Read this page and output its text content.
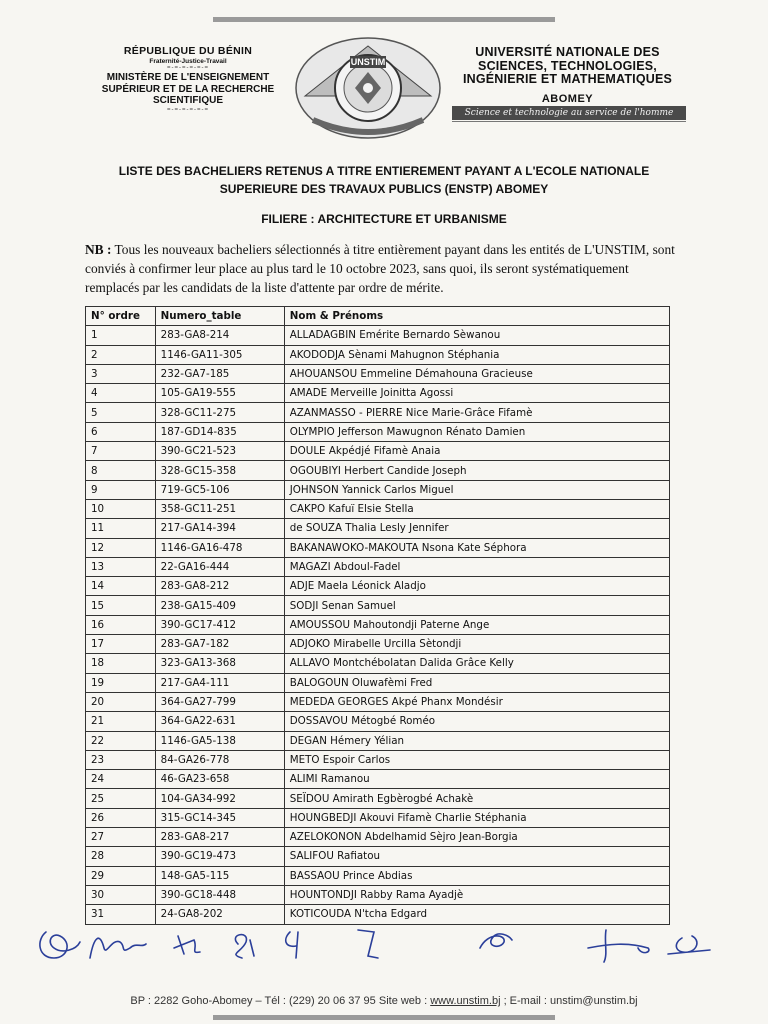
RÉPUBLIQUE DU BÉNIN
Fraternité-Justice-Travail
=-=-=-=-=-=
MINISTÈRE DE L'ENSEIGNEMENT
SUPÉRIEUR ET DE LA RECHERCHE
SCIENTIFIQUE
=-=-=-=-=-=
UNSTIM
UNIVERSITÉ NATIONALE DES
SCIENCES, TECHNOLOGIES,
INGÉNIERIE ET MATHEMATIQUES
ABOMEY
Science et technologie au service de l'homme
LISTE DES BACHELIERS RETENUS A TITRE ENTIEREMENT PAYANT A L'ECOLE NATIONALE
SUPERIEURE DES TRAVAUX PUBLICS (ENSTP) ABOMEY
FILIERE : ARCHITECTURE ET URBANISME
NB : Tous les nouveaux bacheliers sélectionnés à titre entièrement payant dans les entités de L'UNSTIM, sont conviés à confirmer leur place au plus tard le 10 octobre 2023, sans quoi, ils seront systématiquement remplacés par les candidats de la liste d'attente par ordre de mérite.
N° ordre	Numero_table	Nom & Prénoms
1	283-GA8-214	ALLADAGBIN Emérite Bernardo Sèwanou
2	1146-GA11-305	AKODODJA Sènami Mahugnon Stéphania
3	232-GA7-185	AHOUANSOU Emmeline Démahouna Gracieuse
4	105-GA19-555	AMADE Merveille Joinitta Agossi
5	328-GC11-275	AZANMASSO - PIERRE Nice Marie-Grâce Fifamè
6	187-GD14-835	OLYMPIO Jefferson Mawugnon Rénato Damien
7	390-GC21-523	DOULE Akpédjé Fifamè Anaia
8	328-GC15-358	OGOUBIYI Herbert Candide Joseph
9	719-GC5-106	JOHNSON Yannick Carlos Miguel
10	358-GC11-251	CAKPO Kafuï Elsie Stella
11	217-GA14-394	de SOUZA Thalia Lesly Jennifer
12	1146-GA16-478	BAKANAWOKO-MAKOUTA Nsona Kate Séphora
13	22-GA16-444	MAGAZI Abdoul-Fadel
14	283-GA8-212	ADJE Maela Léonick Aladjo
15	238-GA15-409	SODJI Senan Samuel
16	390-GC17-412	AMOUSSOU Mahoutondji Paterne Ange
17	283-GA7-182	ADJOKO Mirabelle Urcilla Sètondji
18	323-GA13-368	ALLAVO Montchébolatan Dalida Grâce Kelly
19	217-GA4-111	BALOGOUN Oluwafèmi Fred
20	364-GA27-799	MEDEDA GEORGES Akpé Phanx Mondésir
21	364-GA22-631	DOSSAVOU Métogbé Roméo
22	1146-GA5-138	DEGAN Hémery Yélian
23	84-GA26-778	METO Espoir Carlos
24	46-GA23-658	ALIMI Ramanou
25	104-GA34-992	SEÏDOU Amirath Egbèrogbé Achakè
26	315-GC14-345	HOUNGBEDJI Akouvi Fifamè Charlie Stéphania
27	283-GA8-217	AZELOKONON Abdelhamid Sèjro Jean-Borgia
28	390-GC19-473	SALIFOU Rafiatou
29	148-GA5-115	BASSAOU Prince Abdias
30	390-GC18-448	HOUNTONDJI Rabby Rama Ayadjè
31	24-GA8-202	KOTICOUDA N'tcha Edgard
BP : 2282 Goho-Abomey – Tél : (229) 20 06 37 95 Site web : www.unstim.bj ; E-mail : unstim@unstim.bj
